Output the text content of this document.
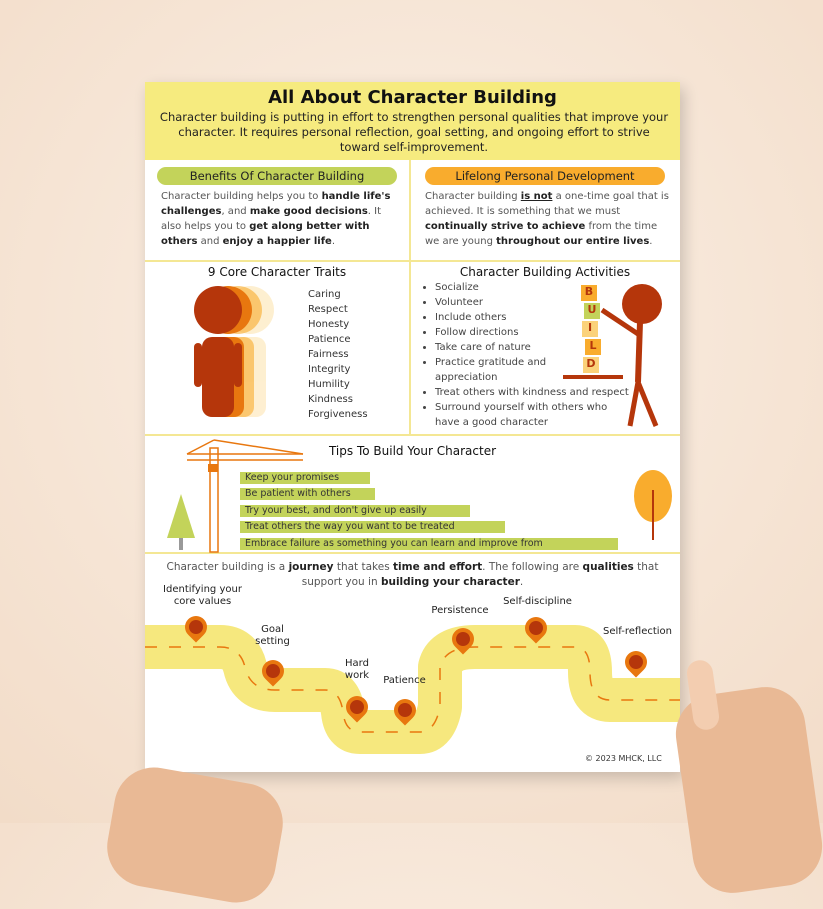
All About Character Building
Character building is putting in effort to strengthen personal qualities that improve your character. It requires personal reflection, goal setting, and ongoing effort to strive toward self-improvement.
Benefits Of Character Building
Character building helps you to handle life's challenges, and make good decisions. It also helps you to get along better with others and enjoy a happier life.
Lifelong Personal Development
Character building is not a one-time goal that is achieved. It is something that we must continually strive to achieve from the time we are young throughout our entire lives.
9 Core Character Traits
Caring
Respect
Honesty
Patience
Fairness
Integrity
Humility
Kindness
Forgiveness
Character Building Activities
• Socialize
• Volunteer
• Include others
• Follow directions
• Take care of nature
• Practice gratitude and appreciation
• Treat others with kindness and respect
• Surround yourself with others who have a good character
B
U
I
L
D
Tips To Build Your Character
Keep your promises
Be patient with others
Try your best, and don't give up easily
Treat others the way you want to be treated
Embrace failure as something you can learn and improve from
Character building is a journey that takes time and effort. The following are qualities that support you in building your character.
Identifying your core values
Goal setting
Hard work	Patience
Persistence
Self-discipline
Self-reflection
© 2023 MHCK, LLC
